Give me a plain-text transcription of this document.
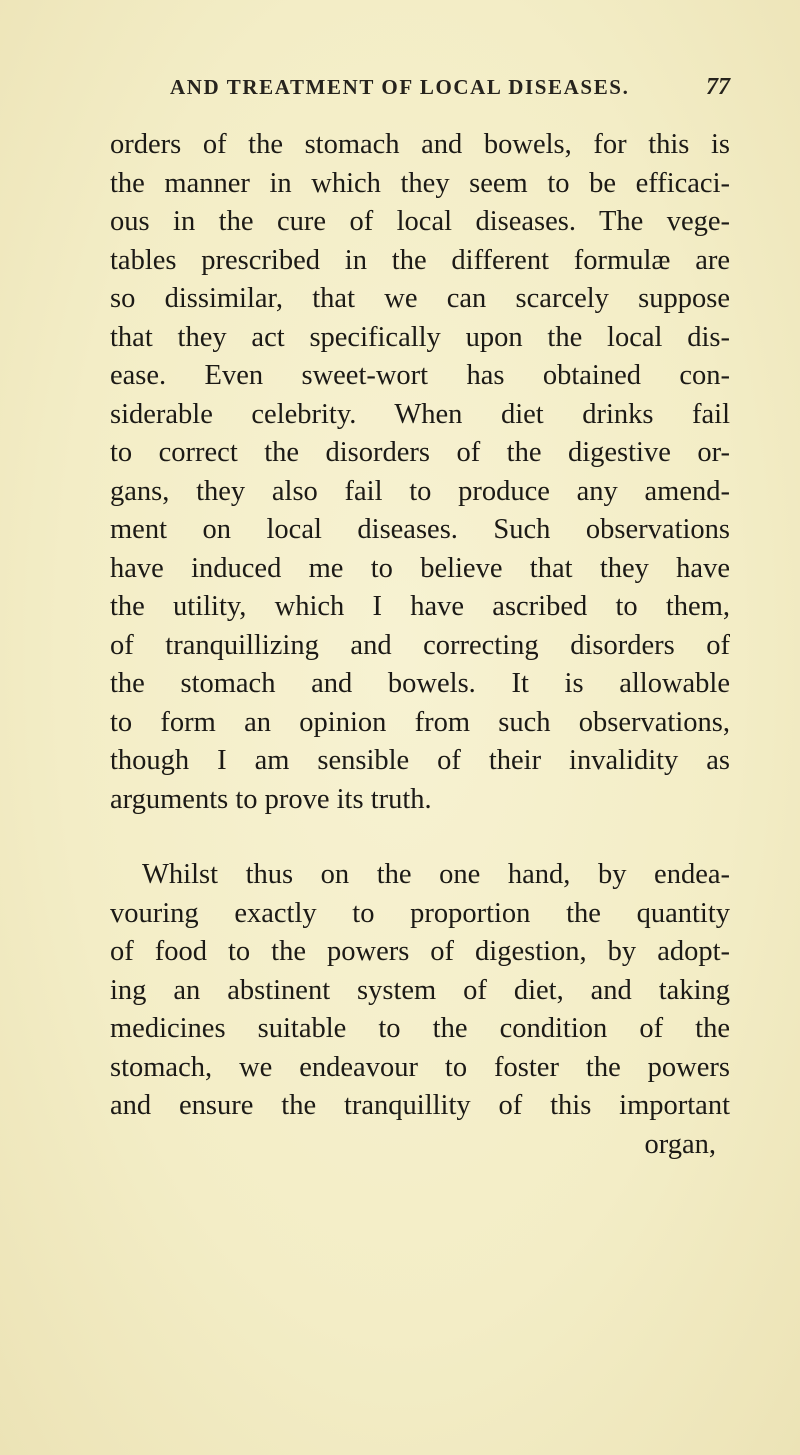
AND TREATMENT OF LOCAL DISEASES.	77
orders of the stomach and bowels, for this is
the manner in which they seem to be efficaci-
ous in the cure of local diseases. The vege-
tables prescribed in the different formulæ are
so dissimilar, that we can scarcely suppose
that they act specifically upon the local dis-
ease. Even sweet-wort has obtained con-
siderable celebrity. When diet drinks fail
to correct the disorders of the digestive or-
gans, they also fail to produce any amend-
ment on local diseases. Such observations
have induced me to believe that they have
the utility, which I have ascribed to them,
of tranquillizing and correcting disorders of
the stomach and bowels. It is allowable
to form an opinion from such observations,
though I am sensible of their invalidity as
arguments to prove its truth.
Whilst thus on the one hand, by endea-
vouring exactly to proportion the quantity
of food to the powers of digestion, by adopt-
ing an abstinent system of diet, and taking
medicines suitable to the condition of the
stomach, we endeavour to foster the powers
and ensure the tranquillity of this important
organ,
